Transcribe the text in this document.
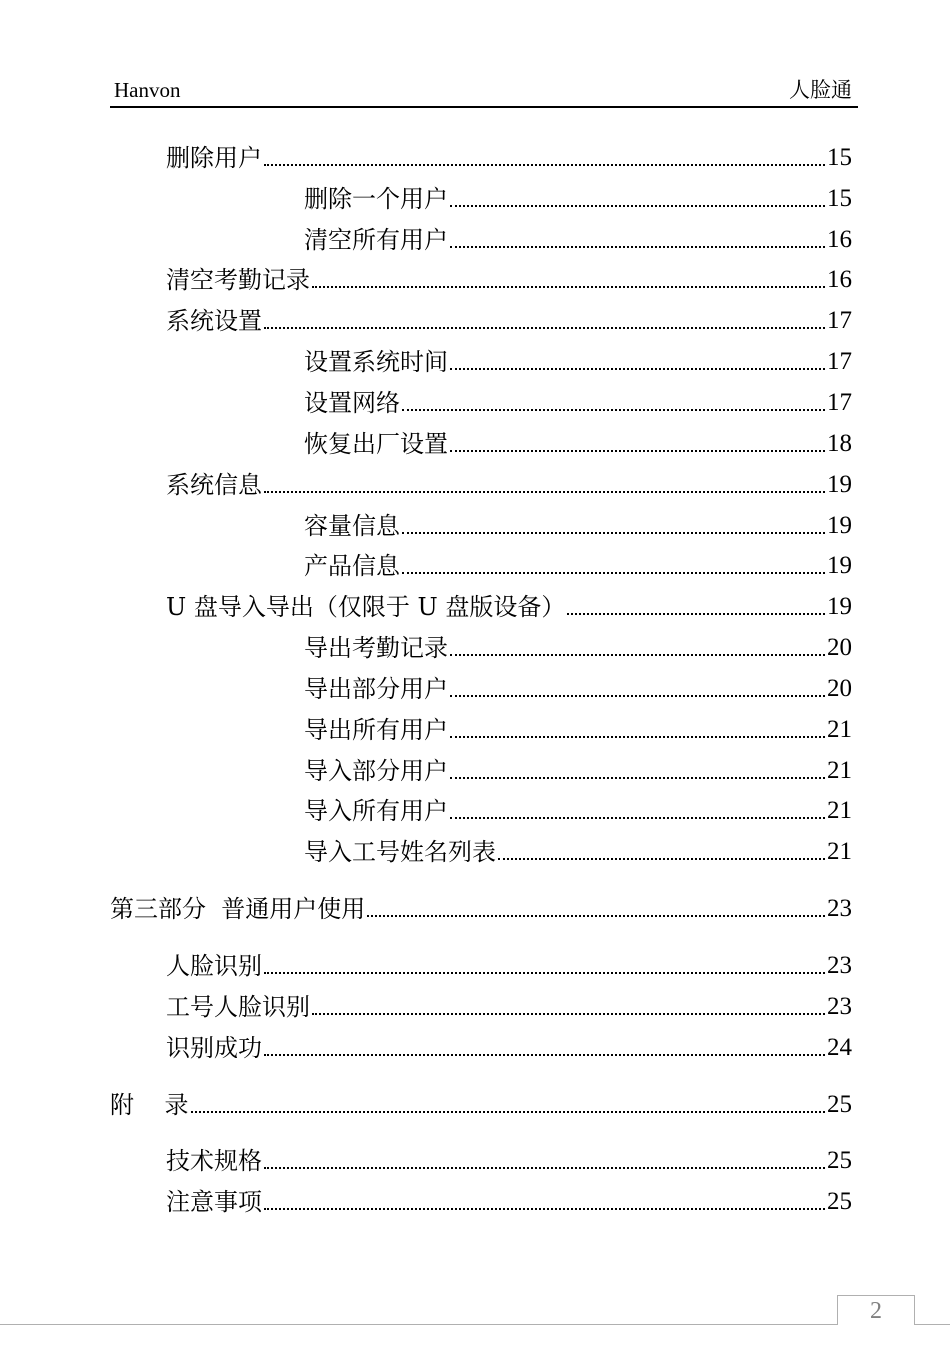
Hanvon	人脸通
删除用户	15
删除一个用户	15
清空所有用户	16
清空考勤记录	16
系统设置	17
设置系统时间	17
设置网络	17
恢复出厂设置	18
系统信息	19
容量信息	19
产品信息	19
U 盘导入导出（仅限于 U 盘版设备）	19
导出考勤记录	20
导出部分用户	20
导出所有用户	21
导入部分用户	21
导入所有用户	21
导入工号姓名列表	21
第三部分  普通用户使用	23
人脸识别	23
工号人脸识别	23
识别成功	24
附    录	25
技术规格	25
注意事项	25
2
